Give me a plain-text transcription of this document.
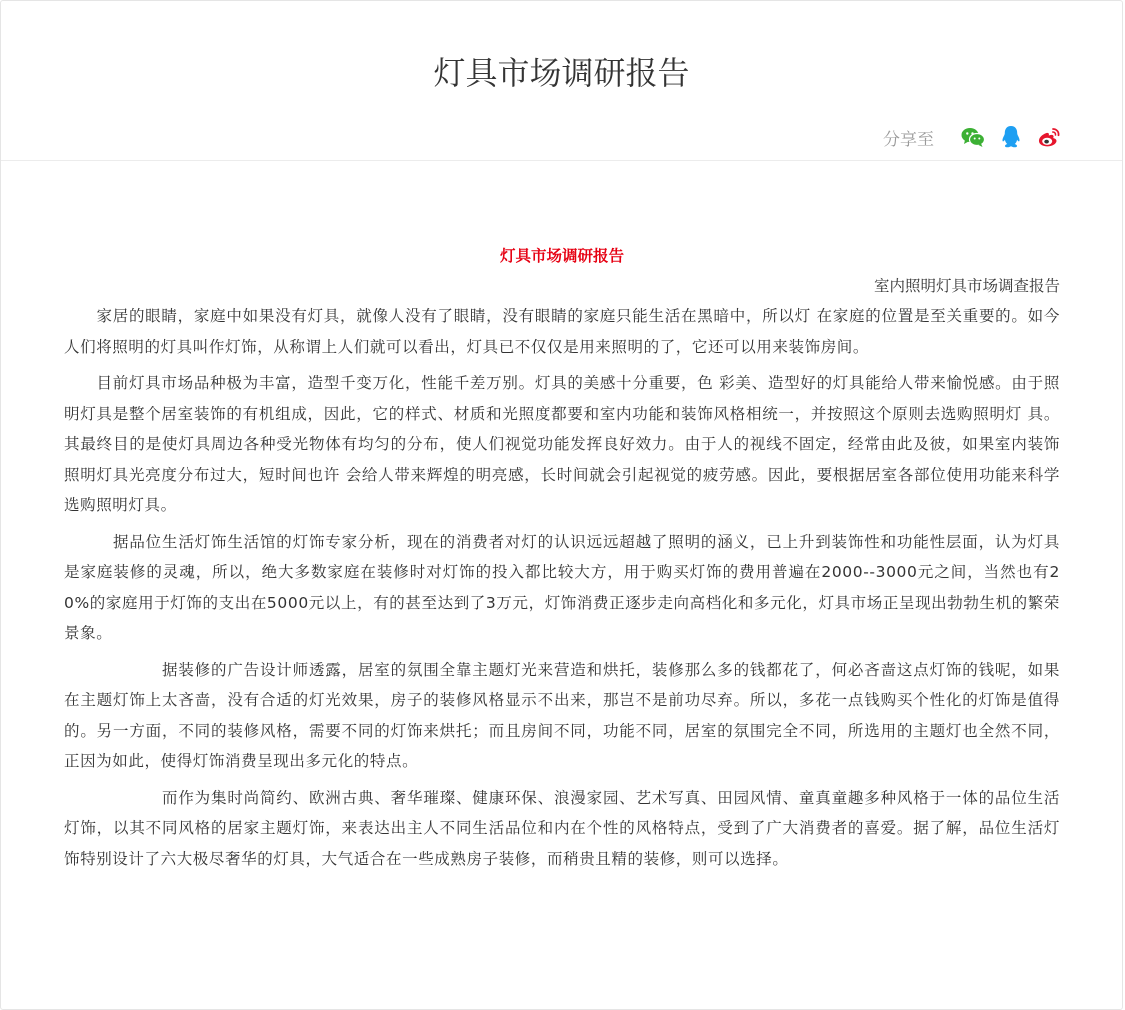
灯具市场调研报告
分享至

灯具市场调研报告

室内照明灯具市场调查报告

　　家居的眼睛，家庭中如果没有灯具，就像人没有了眼睛，没有眼睛的家庭只能生活在黑暗中，所以灯 在家庭的位置是至关重要的。如今人们将照明的灯具叫作灯饰，从称谓上人们就可以看出，灯具已不仅仅是用来照明的了，它还可以用来装饰房间。

　　目前灯具市场品种极为丰富，造型千变万化，性能千差万别。灯具的美感十分重要，色 彩美、造型好的灯具能给人带来愉悦感。由于照明灯具是整个居室装饰的有机组成，因此，它的样式、材质和光照度都要和室内功能和装饰风格相统一，并按照这个原则去选购照明灯 具。其最终目的是使灯具周边各种受光物体有均匀的分布，使人们视觉功能发挥良好效力。由于人的视线不固定，经常由此及彼，如果室内装饰照明灯具光亮度分布过大，短时间也许 会给人带来辉煌的明亮感，长时间就会引起视觉的疲劳感。因此，要根据居室各部位使用功能来科学选购照明灯具。

　　　据品位生活灯饰生活馆的灯饰专家分析，现在的消费者对灯的认识远远超越了照明的涵义，已上升到装饰性和功能性层面，认为灯具是家庭装修的灵魂，所以，绝大多数家庭在装修时对灯饰的投入都比较大方，用于购买灯饰的费用普遍在2000--3000元之间，当然也有20%的家庭用于灯饰的支出在5000元以上，有的甚至达到了3万元，灯饰消费正逐步走向高档化和多元化，灯具市场正呈现出勃勃生机的繁荣景象。

　　　　　　据装修的广告设计师透露，居室的氛围全靠主题灯光来营造和烘托，装修那么多的钱都花了，何必吝啬这点灯饰的钱呢，如果在主题灯饰上太吝啬，没有合适的灯光效果，房子的装修风格显示不出来，那岂不是前功尽弃。所以，多花一点钱购买个性化的灯饰是值得的。另一方面，不同的装修风格，需要不同的灯饰来烘托；而且房间不同，功能不同，居室的氛围完全不同，所选用的主题灯也全然不同，正因为如此，使得灯饰消费呈现出多元化的特点。

　　　　　　而作为集时尚简约、欧洲古典、奢华璀璨、健康环保、浪漫家园、艺术写真、田园风情、童真童趣多种风格于一体的品位生活灯饰，以其不同风格的居家主题灯饰，来表达出主人不同生活品位和内在个性的风格特点，受到了广大消费者的喜爱。据了解，品位生活灯饰特别设计了六大极尽奢华的灯具，大气适合在一些成熟房子装修，而稍贵且精的装修，则可以选择。
